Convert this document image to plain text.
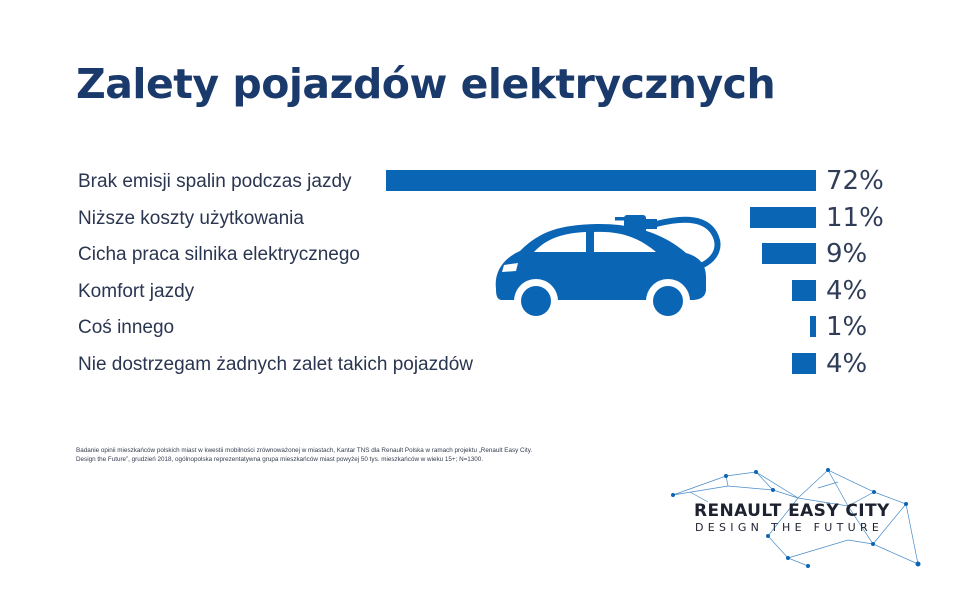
Zalety pojazdów elektrycznych
Brak emisji spalin podczas jazdy	72%
Niższe koszty użytkowania	11%
Cicha praca silnika elektrycznego	9%
Komfort jazdy	4%
Coś innego	1%
Nie dostrzegam żadnych zalet takich pojazdów	4%
Badanie opinii mieszkańców polskich miast w kwestii mobilności zrównoważonej w miastach, Kantar TNS dla Renault Polska w ramach projektu „Renault Easy City. Design the Future”, grudzień 2018, ogólnopolska reprezentatywna grupa mieszkańców miast powyżej 50 tys. mieszkańców w wieku 15+; N=1300.
RENAULT EASY CITY
DESIGN THE FUTURE
